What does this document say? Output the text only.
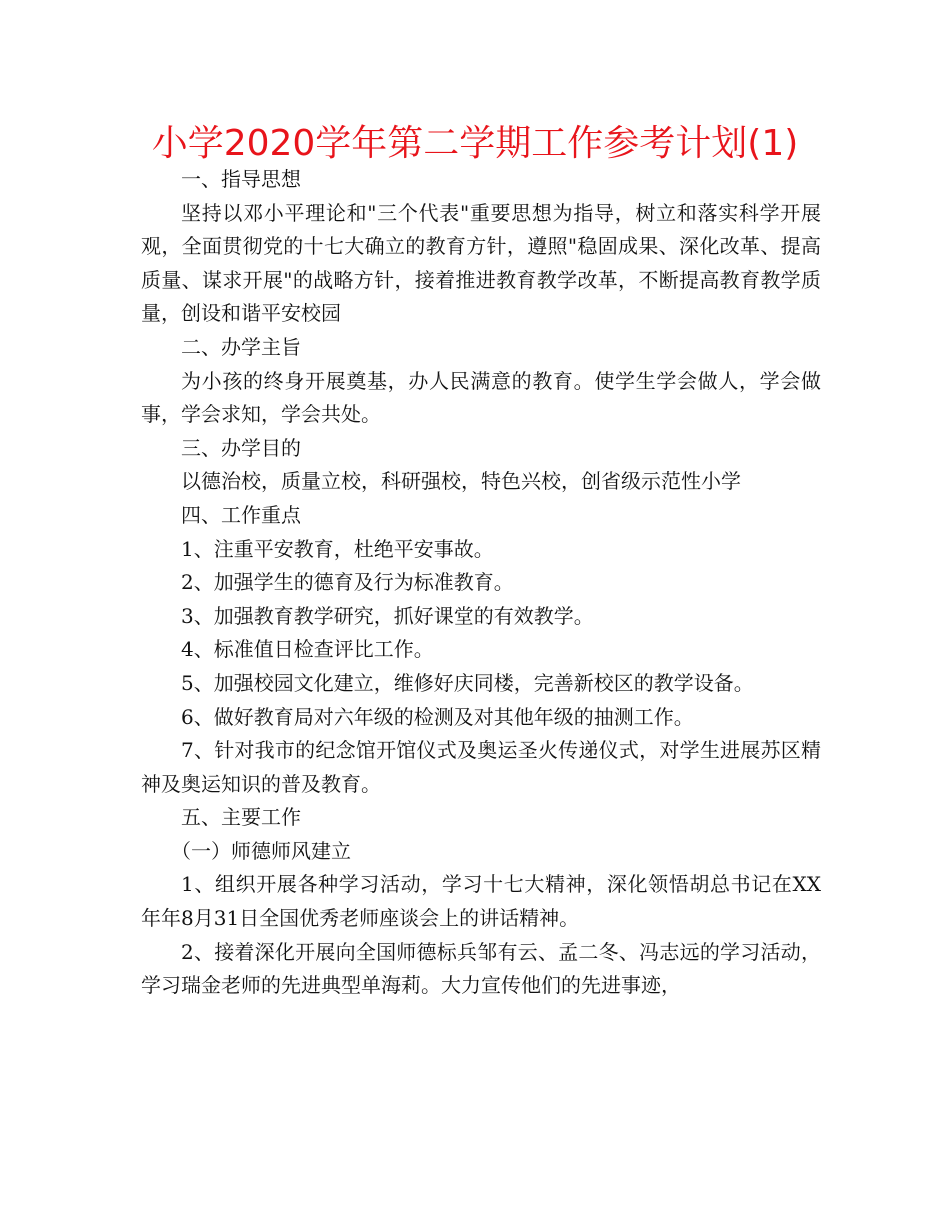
小学2020学年第二学期工作参考计划(1)

一、指导思想

坚持以邓小平理论和"三个代表"重要思想为指导，树立和落实科学开展观，全面贯彻党的十七大确立的教育方针，遵照"稳固成果、深化改革、提高质量、谋求开展"的战略方针，接着推进教育教学改革，不断提高教育教学质量，创设和谐平安校园

二、办学主旨

为小孩的终身开展奠基，办人民满意的教育。使学生学会做人，学会做事，学会求知，学会共处。

三、办学目的

以德治校，质量立校，科研强校，特色兴校，创省级示范性小学

四、工作重点

1、注重平安教育，杜绝平安事故。

2、加强学生的德育及行为标准教育。

3、加强教育教学研究，抓好课堂的有效教学。

4、标准值日检查评比工作。

5、加强校园文化建立，维修好庆同楼，完善新校区的教学设备。

6、做好教育局对六年级的检测及对其他年级的抽测工作。

7、针对我市的纪念馆开馆仪式及奥运圣火传递仪式，对学生进展苏区精神及奥运知识的普及教育。

五、主要工作

（一）师德师风建立

1、组织开展各种学习活动，学习十七大精神，深化领悟胡总书记在XX年年8月31日全国优秀老师座谈会上的讲话精神。

2、接着深化开展向全国师德标兵邹有云、孟二冬、冯志远的学习活动，学习瑞金老师的先进典型单海莉。大力宣传他们的先进事迹，
